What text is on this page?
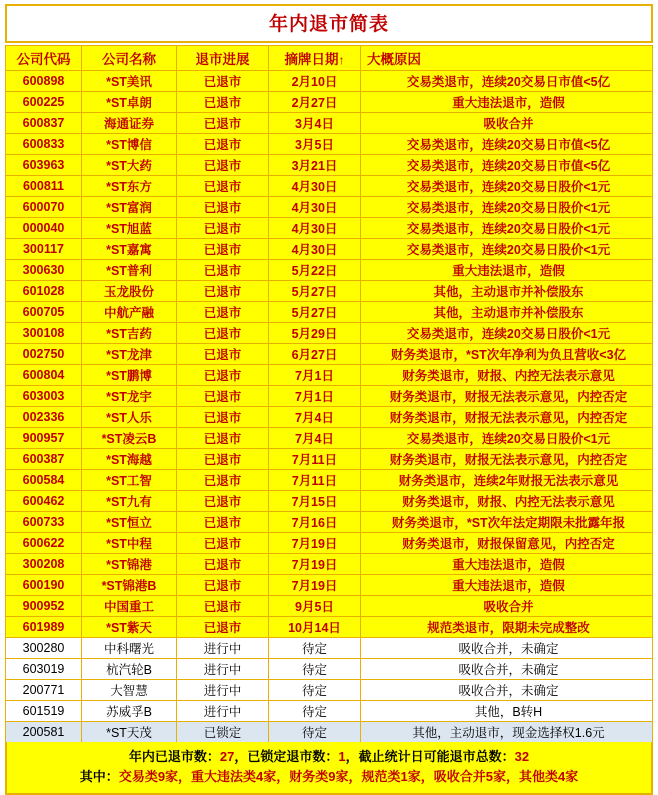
年内退市简表
公司代码	公司名称	退市进展	摘牌日期↑	大概原因
600898	*ST美讯	已退市	2月10日	交易类退市，连续20交易日市值<5亿
600225	*ST卓朗	已退市	2月27日	重大违法退市，造假
600837	海通证券	已退市	3月4日	吸收合并
600833	*ST博信	已退市	3月5日	交易类退市，连续20交易日市值<5亿
603963	*ST大药	已退市	3月21日	交易类退市，连续20交易日市值<5亿
600811	*ST东方	已退市	4月30日	交易类退市，连续20交易日股价<1元
600070	*ST富润	已退市	4月30日	交易类退市，连续20交易日股价<1元
000040	*ST旭蓝	已退市	4月30日	交易类退市，连续20交易日股价<1元
300117	*ST嘉寓	已退市	4月30日	交易类退市，连续20交易日股价<1元
300630	*ST普利	已退市	5月22日	重大违法退市，造假
601028	玉龙股份	已退市	5月27日	其他，主动退市并补偿股东
600705	中航产融	已退市	5月27日	其他，主动退市并补偿股东
300108	*ST吉药	已退市	5月29日	交易类退市，连续20交易日股价<1元
002750	*ST龙津	已退市	6月27日	财务类退市，*ST次年净利为负且营收<3亿
600804	*ST鹏博	已退市	7月1日	财务类退市，财报、内控无法表示意见
603003	*ST龙宇	已退市	7月1日	财务类退市，财报无法表示意见，内控否定
002336	*ST人乐	已退市	7月4日	财务类退市，财报无法表示意见，内控否定
900957	*ST凌云B	已退市	7月4日	交易类退市，连续20交易日股价<1元
600387	*ST海越	已退市	7月11日	财务类退市，财报无法表示意见，内控否定
600584	*ST工智	已退市	7月11日	财务类退市，连续2年财报无法表示意见
600462	*ST九有	已退市	7月15日	财务类退市，财报、内控无法表示意见
600733	*ST恒立	已退市	7月16日	财务类退市，*ST次年法定期限未批露年报
600622	*ST中程	已退市	7月19日	财务类退市，财报保留意见，内控否定
300208	*ST锦港	已退市	7月19日	重大违法退市，造假
600190	*ST锦港B	已退市	7月19日	重大违法退市，造假
900952	中国重工	已退市	9月5日	吸收合并
601989	*ST紫天	已退市	10月14日	规范类退市，限期未完成整改
300280	中科曙光	进行中	待定	吸收合并，未确定
603019	杭汽轮B	进行中	待定	吸收合并，未确定
200771	大智慧	进行中	待定	吸收合并，未确定
601519	苏威孚B	进行中	待定	其他，B转H
200581	*ST天茂	已锁定	待定	其他，主动退市，现金选择权1.6元
年内已退市数：27，已锁定退市数：1，截止统计日可能退市总数：32
其中：交易类9家，重大违法类4家，财务类9家，规范类1家，吸收合并5家，其他类4家
